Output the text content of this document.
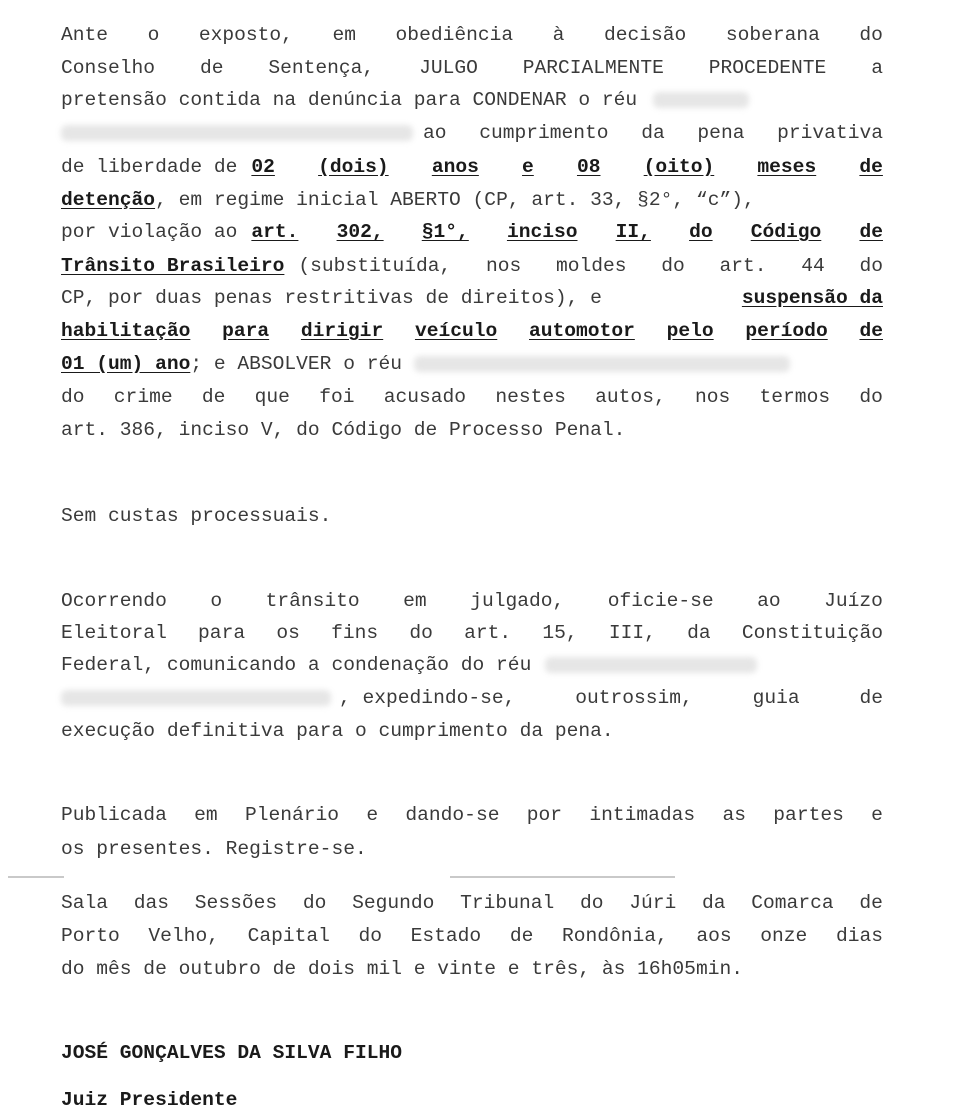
Ante o exposto, em obediência à decisão soberana do
Conselho de Sentença, JULGO PARCIALMENTE PROCEDENTE a
pretensão contida na denúncia para CONDENAR o réu
ao cumprimento da pena privativa
de liberdade de 02 (dois) anos e 08 (oito) meses de
detenção , em regime inicial ABERTO (CP, art. 33, §2°, “c”),
por violação ao art. 302, §1°, inciso II, do Código de
Trânsito Brasileiro (substituída, nos moldes do art. 44 do
CP, por duas penas restritivas de direitos), e	suspensão da
habilitação para dirigir veículo automotor pelo período de
01 (um) ano ; e ABSOLVER o réu
do crime de que foi acusado nestes autos, nos termos do
art. 386, inciso V, do Código de Processo Penal.
Sem custas processuais.
Ocorrendo o trânsito em julgado, oficie-se ao Juízo
Eleitoral para os fins do art. 15, III, da Constituição
Federal, comunicando a condenação do réu
, expedindo-se,	outrossim,	guia	de
execução definitiva para o cumprimento da pena.
Publicada em Plenário e dando-se por intimadas as partes e
os presentes. Registre-se.
Sala das Sessões do Segundo Tribunal do Júri da Comarca de
Porto Velho, Capital do Estado de Rondônia, aos onze dias
do mês de outubro de dois mil e vinte e três, às 16h05min.
JOSÉ GONÇALVES DA SILVA FILHO
Juiz Presidente
